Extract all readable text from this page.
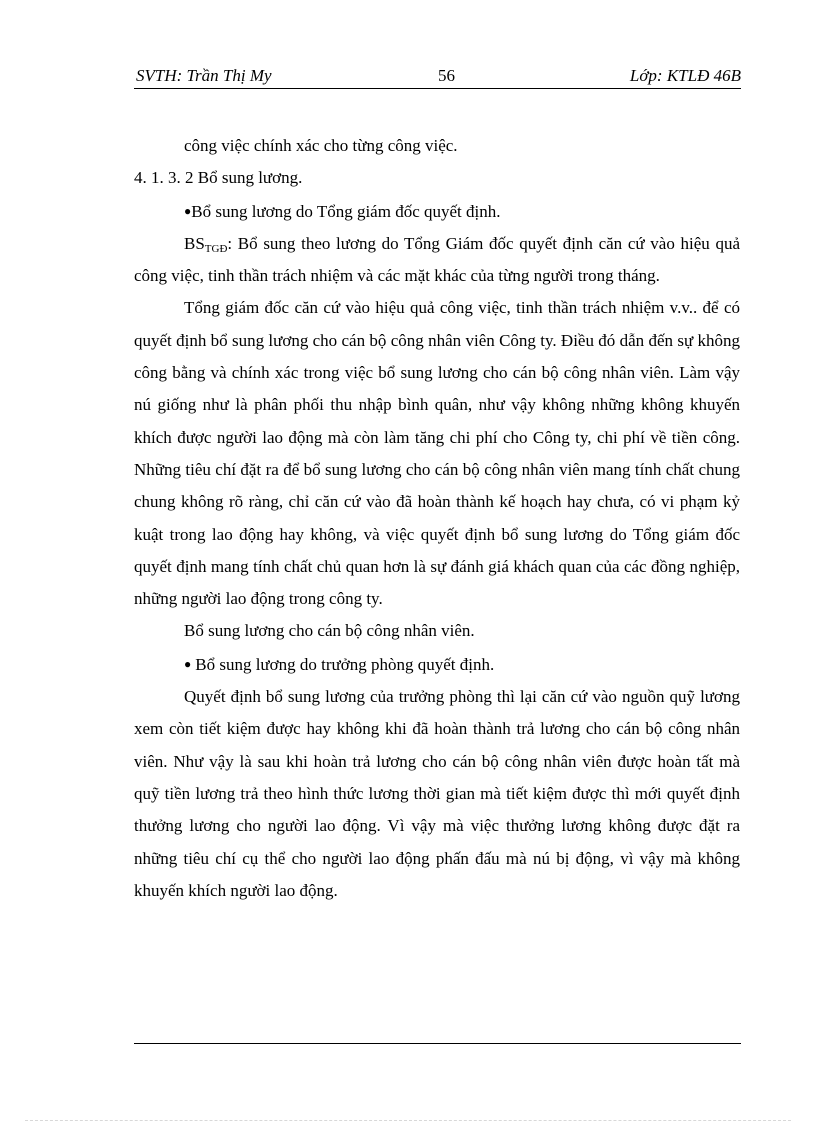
SVTH: Trần Thị My	56	Lớp: KTLĐ 46B

công việc chính xác cho từng công việc.

4. 1. 3. 2 Bổ sung lương.

●Bổ sung lương do Tổng giám đốc quyết định.

$BS_{TGĐ}$: Bổ sung theo lương do Tổng Giám đốc quyết định căn cứ vào hiệu quả công việc, tinh thần trách nhiệm và các mặt khác của từng người trong tháng.

Tổng giám đốc căn cứ vào hiệu quả công việc, tinh thần trách nhiệm v.v.. để có quyết định bổ sung lương cho cán bộ công nhân viên Công ty. Điều đó dẫn đến sự không công bằng và chính xác trong việc bổ sung lương cho cán bộ công nhân viên. Làm vậy nú giống như là phân phối thu nhập bình quân, như vậy không những không khuyến khích được người lao động mà còn làm tăng chi phí cho Công ty, chi phí về tiền công. Những tiêu chí đặt ra để bổ sung lương cho cán bộ công nhân viên mang tính chất chung chung không rõ ràng, chỉ căn cứ vào đã hoàn thành kế hoạch hay chưa, có vi phạm kỷ kuật trong lao động hay không, và việc quyết định bổ sung lương do Tổng giám đốc quyết định mang tính chất chủ quan hơn là sự đánh giá khách quan của các đồng nghiệp, những người lao động trong công ty.

Bổ sung lương cho cán bộ công nhân viên.

● Bổ sung lương do trưởng phòng quyết định.

Quyết định bổ sung lương của trưởng phòng thì lại căn cứ vào nguồn quỹ lương xem còn tiết kiệm được hay không khi đã hoàn thành trả lương cho cán bộ công nhân viên. Như vậy là sau khi hoàn trả lương cho cán bộ công nhân viên được hoàn tất mà quỹ tiền lương trả theo hình thức lương thời gian mà tiết kiệm được thì mới quyết định thưởng lương cho người lao động. Vì vậy mà việc thưởng lương không được đặt ra những tiêu chí cụ thể cho người lao động phấn đấu mà nú bị động, vì vậy mà không khuyến khích người lao động.
